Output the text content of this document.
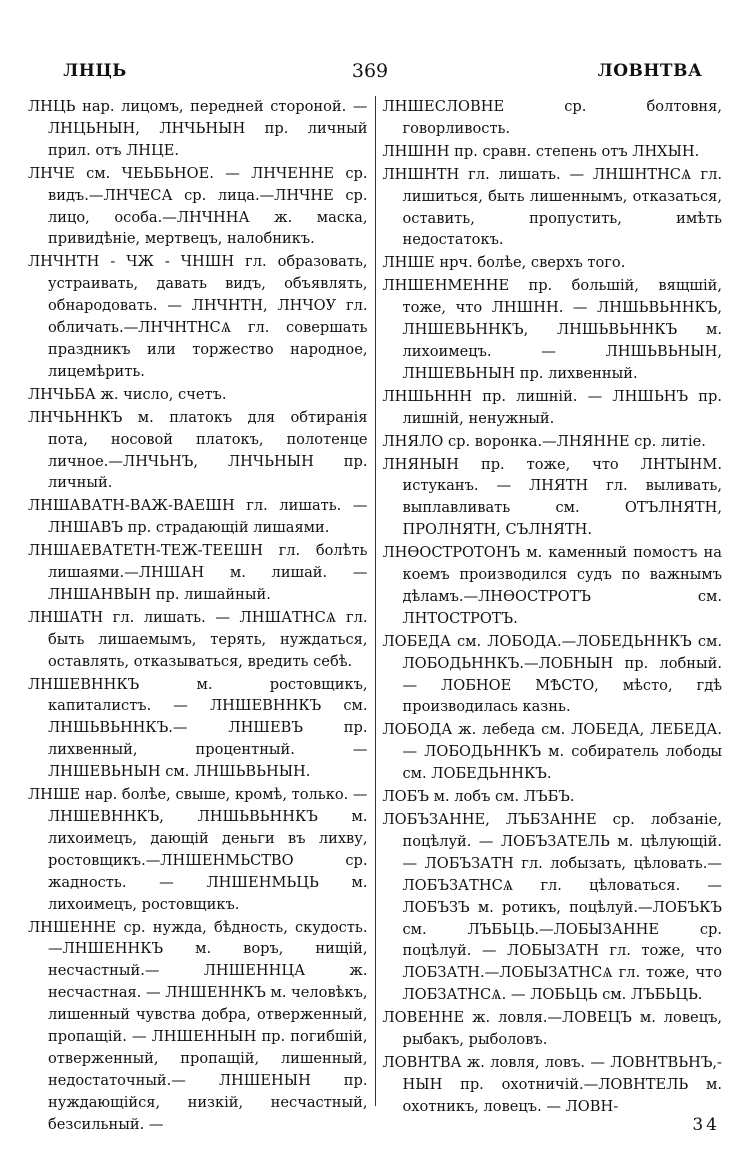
ЛНЦЬ	369	ЛОВНТВА

ЛНЦЬ нар. лицомъ, передней стороной. — ЛНЦЬНЫН, ЛНЧЬНЫН пр. личный прил. отъ ЛНЦЕ.

ЛНЧЕ см. ЧЕЬБЬНОЕ. — ЛНЧЕННЕ ср. видъ.—ЛНЧЕСА ср. лица.—ЛНЧНЕ ср. лицо, особа.—ЛНЧННА ж. маска, привидѣніе, мертвецъ, налобникъ.

ЛНЧНТН - ЧЖ - ЧНШН гл. образовать, устраивать, давать видъ, объявлять, обнародовать. — ЛНЧНТН, ЛНЧОУ гл. обличать.—ЛНЧНТНСѦ гл. совершать праздникъ или торжество народное, лицемѣрить.

ЛНЧЬБА ж. число, счетъ.

ЛНЧЬННКЪ м. платокъ для обтиранія пота, носовой платокъ, полотенце личное.—ЛНЧЬНЪ, ЛНЧЬНЫН пр. личный.

ЛНШАВАТН-ВАЖ-ВАЕШН гл. лишать. — ЛНШАВЪ пр. страдающій лишаями.

ЛНШАЕВАТЕТН-ТЕЖ-ТЕЕШН гл. болѣть лишаями.—ЛНШАН м. лишай. — ЛНШАНВЫН пр. лишайный.

ЛНШАТН гл. лишать. — ЛНШАТНСѦ гл. быть лишаемымъ, терять, нуждаться, оставлять, отказываться, вредить себѣ.

ЛНШЕВННКЪ м. ростовщикъ, капиталистъ. — ЛНШЕВННКЪ см. ЛНШЬВЬННКЪ.— ЛНШЕВЪ пр. лихвенный, процентный. — ЛНШЕВЬНЫН см. ЛНШЬВЬНЫН.

ЛНШЕ нар. болѣе, свыше, кромѣ, только. — ЛНШЕВННКЪ, ЛНШЬВЬННКЪ м. лихоимецъ, дающій деньги въ лихву, ростовщикъ.—ЛНШЕНМЬСТВО ср. жадность. — ЛНШЕНМЬЦЬ м. лихоимецъ, ростовщикъ.

ЛНШЕННЕ ср. нужда, бѣдность, скудость.—ЛНШЕННКЪ м. воръ, нищій, несчастный.— ЛНШЕННЦА ж. несчастная. — ЛНШЕННКЪ м. человѣкъ, лишенный чувства добра, отверженный, пропащій. — ЛНШЕННЫН пр. погибшій, отверженный, пропащій, лишенный, недостаточный.— ЛНШЕНЫН пр. нуждающійся, низкій, несчастный, безсильный. —

ЛНШЕСЛОВНЕ ср. болтовня, говорливость.

ЛНШНН пр. сравн. степень отъ ЛНХЫН.

ЛНШНТН гл. лишать. — ЛНШНТНСѦ гл. лишиться, быть лишеннымъ, отказаться, оставить, пропустить, имѣть недостатокъ.

ЛНШЕ нрч. болѣе, сверхъ того.

ЛНШЕНМЕННЕ пр. большій, вящшій, тоже, что ЛНШНН. — ЛНШЬВЬННКЪ, ЛНШЕВЬННКЪ, ЛНШЬВЬННКЪ м. лихоимецъ. — ЛНШЬВЬНЫН, ЛНШЕВЬНЫН пр. лихвенный.

ЛНШЬННН пр. лишній. — ЛНШЬНЪ пр. лишній, ненужный.

ЛНЯЛО ср. воронка.—ЛНЯННЕ ср. литіе.

ЛНЯНЫН пр. тоже, что ЛНТЫНМ. истуканъ. — ЛНЯТН гл. выливать, выплавливать см. ОТЪЛНЯТН, ПРОЛНЯТН, СЪЛНЯТН.

ЛНѲОСТРОТОНЪ м. каменный помостъ на коемъ производился судъ по важнымъ дѣламъ.—ЛНѲОСТРОТЪ см. ЛНТОСТРОТЪ.

ЛОБЕДА см. ЛОБОДА.—ЛОБЕДЬННКЪ см. ЛОБОДЬННКЪ.—ЛОБНЫН пр. лобный. — ЛОБНОЕ МѢСТО, мѣсто, гдѣ производилась казнь.

ЛОБОДА ж. лебеда см. ЛОБЕДА, ЛЕБЕДА.— ЛОБОДЬННКЪ м. собиратель лободы см. ЛОБЕДЬННКЪ.

ЛОБЪ м. лобъ см. ЛЪБЪ.

ЛОБЪЗАННЕ, ЛЪБЗАННЕ ср. лобзаніе, поцѣлуй. — ЛОБЪЗАТЕЛЬ м. цѣлующій. — ЛОБЪЗАТН гл. лобызать, цѣловать.—ЛОБЪЗАТНСѦ гл. цѣловаться. — ЛОБЪЗЪ м. ротикъ, поцѣлуй.—ЛОБЪКЪ см. ЛЪБЬЦЬ.—ЛОБЫЗАННЕ ср. поцѣлуй. — ЛОБЫЗАТН гл. тоже, что ЛОБЗАТН.—ЛОБЫЗАТНСѦ гл. тоже, что ЛОБЗАТНСѦ. — ЛОБЬЦЬ см. ЛЪБЬЦЬ.

ЛОВЕННЕ ж. ловля.—ЛОВЕЦЪ м. ловецъ, рыбакъ, рыболовъ.

ЛОВНТВА ж. ловля, ловъ. — ЛОВНТВЬНЪ,-НЫН пр. охотничій.—ЛОВНТЕЛЬ м. охотникъ, ловецъ. — ЛОВН-

34
